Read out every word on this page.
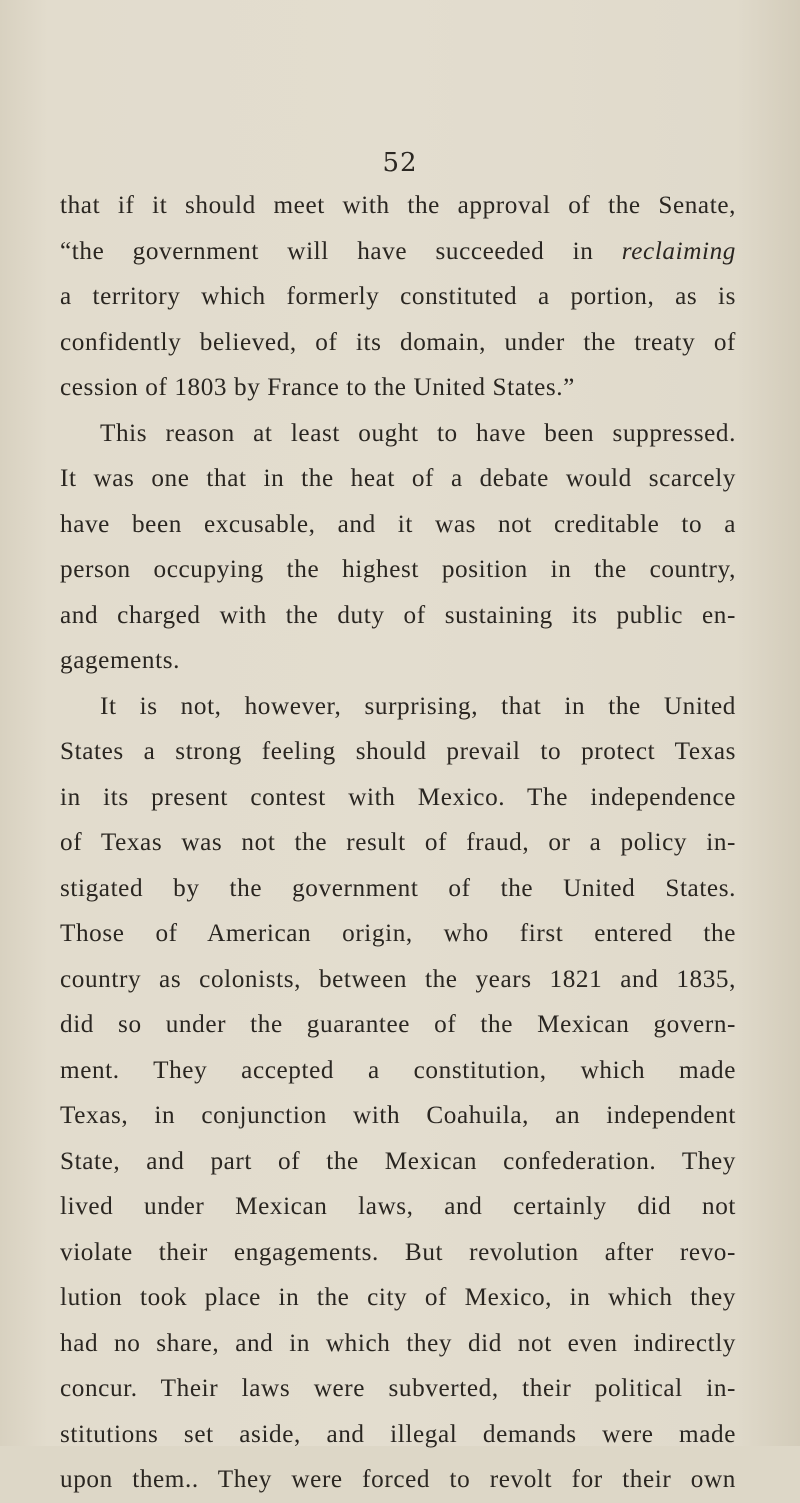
52
that if it should meet with the approval of the Senate,
“the government will have succeeded in reclaiming
a territory which formerly constituted a portion, as is
confidently believed, of its domain, under the treaty of
cession of 1803 by France to the United States.”
This reason at least ought to have been suppressed.
It was one that in the heat of a debate would scarcely
have been excusable, and it was not creditable to a
person occupying the highest position in the country,
and charged with the duty of sustaining its public en-
gagements.
It is not, however, surprising, that in the United
States a strong feeling should prevail to protect Texas
in its present contest with Mexico. The independence
of Texas was not the result of fraud, or a policy in-
stigated by the government of the United States.
Those of American origin, who first entered the
country as colonists, between the years 1821 and 1835,
did so under the guarantee of the Mexican govern-
ment. They accepted a constitution, which made
Texas, in conjunction with Coahuila, an independent
State, and part of the Mexican confederation. They
lived under Mexican laws, and certainly did not
violate their engagements. But revolution after revo-
lution took place in the city of Mexico, in which they
had no share, and in which they did not even indirectly
concur. Their laws were subverted, their political in-
stitutions set aside, and illegal demands were made
upon them.. They were forced to revolt for their own
